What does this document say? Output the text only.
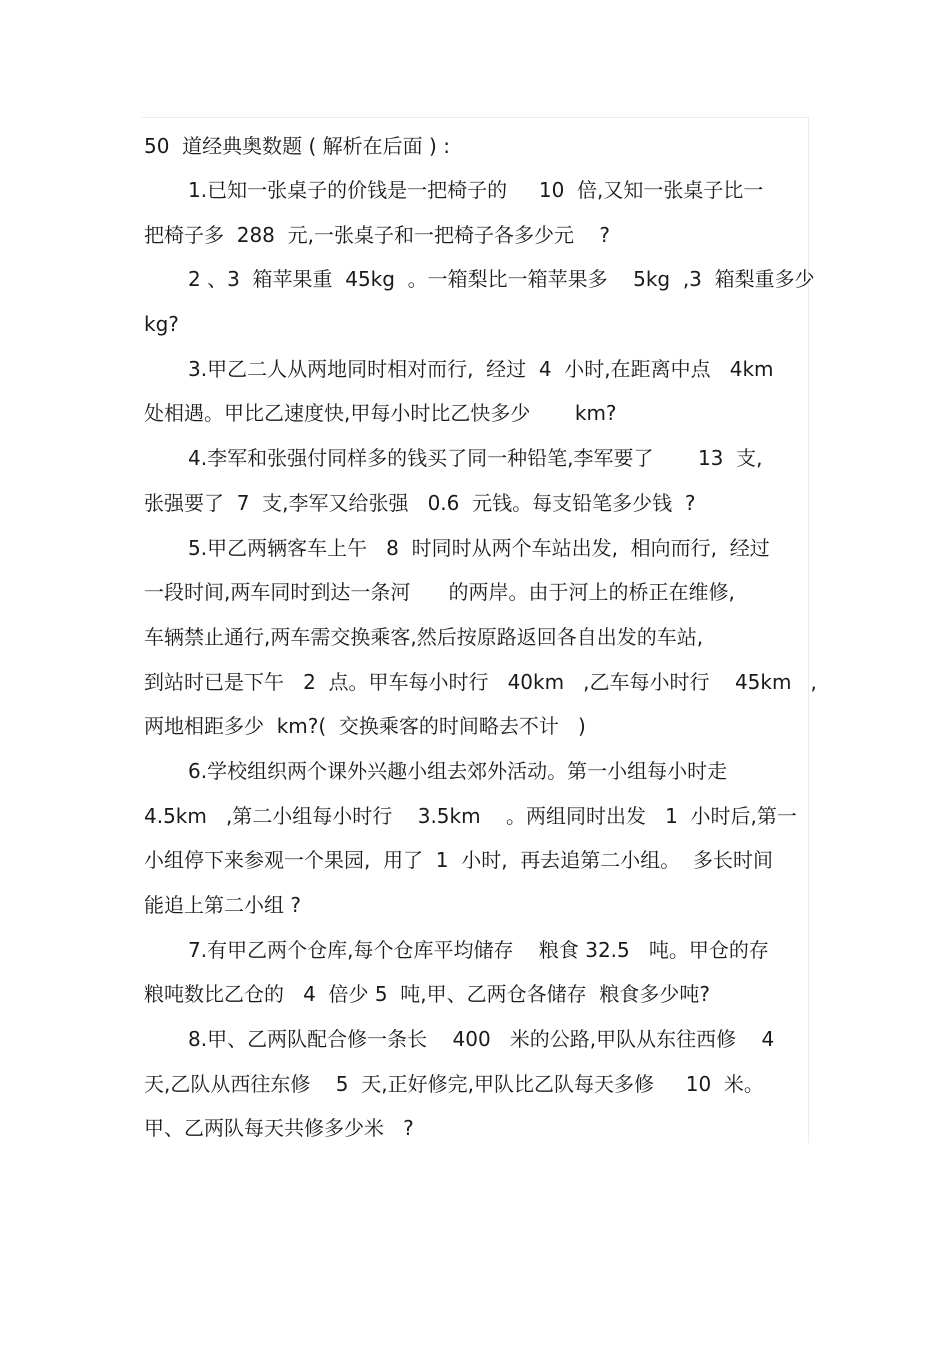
50  道经典奥数题 ( 解析在后面 ) :

1.已知一张桌子的价钱是一把椅子的     10  倍,又知一张桌子比一

把椅子多  288  元,一张桌子和一把椅子各多少元    ?

2 、3  箱苹果重  45kg  。一箱梨比一箱苹果多    5kg  ,3  箱梨重多少

kg?

3.甲乙二人从两地同时相对而行,  经过  4  小时,在距离中点   4km

处相遇。甲比乙速度快,甲每小时比乙快多少       km?

4.李军和张强付同样多的钱买了同一种铅笔,李军要了       13  支,

张强要了  7  支,李军又给张强   0.6  元钱。每支铅笔多少钱  ?

5.甲乙两辆客车上午   8  时同时从两个车站出发,  相向而行,  经过

一段时间,两车同时到达一条河      的两岸。由于河上的桥正在维修,

车辆禁止通行,两车需交换乘客,然后按原路返回各自出发的车站,

到站时已是下午   2  点。甲车每小时行   40km   ,乙车每小时行    45km   ,

两地相距多少  km?(  交换乘客的时间略去不计   )

6.学校组织两个课外兴趣小组去郊外活动。第一小组每小时走

4.5km   ,第二小组每小时行    3.5km    。两组同时出发   1  小时后,第一

小组停下来参观一个果园,  用了  1  小时,  再去追第二小组。  多长时间

能追上第二小组 ?

7.有甲乙两个仓库,每个仓库平均储存    粮食 32.5   吨。甲仓的存

粮吨数比乙仓的   4  倍少 5  吨,甲、乙两仓各储存  粮食多少吨?

8.甲、乙两队配合修一条长    400   米的公路,甲队从东往西修    4

天,乙队从西往东修    5  天,正好修完,甲队比乙队每天多修     10  米。

甲、乙两队每天共修多少米   ?
